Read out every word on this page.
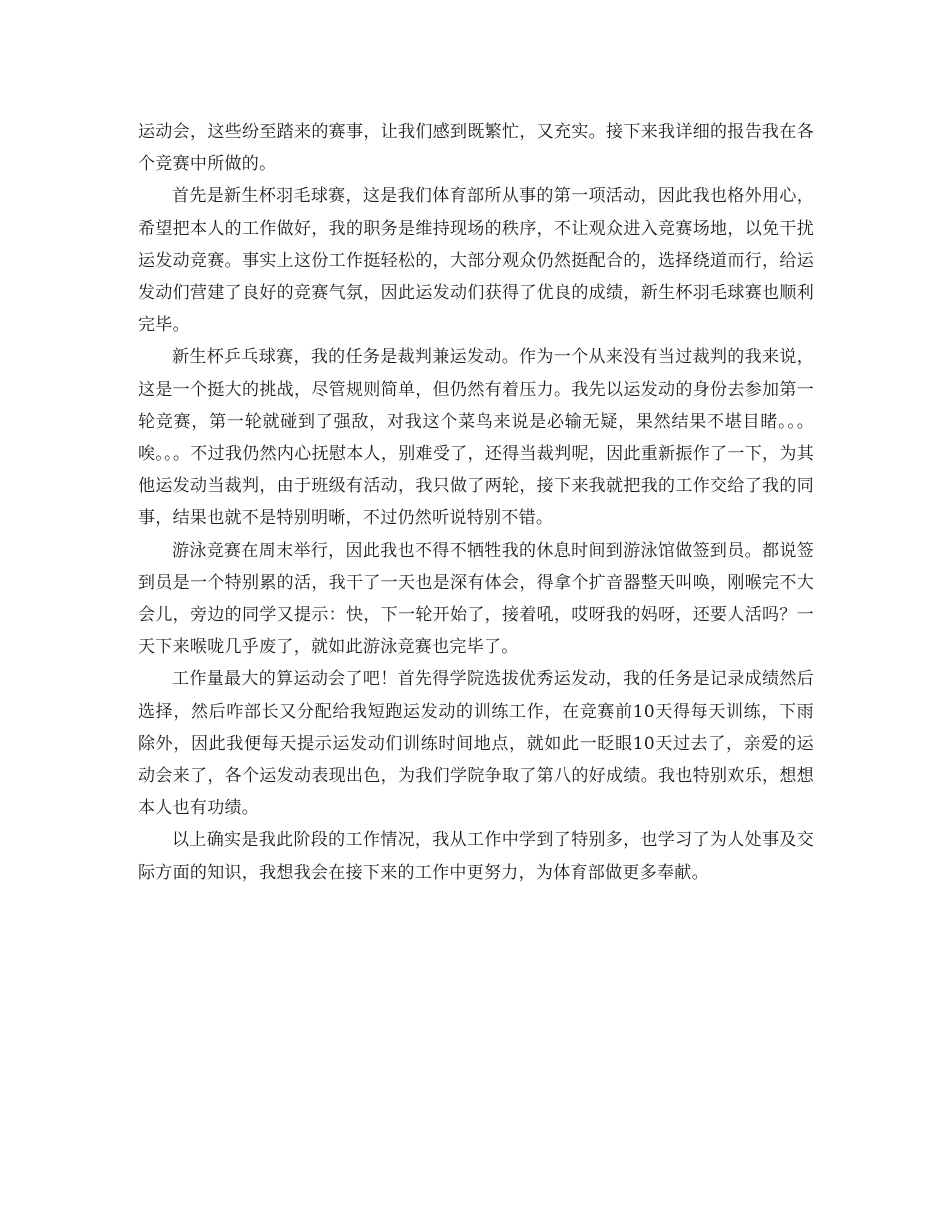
运动会，这些纷至踏来的赛事，让我们感到既繁忙，又充实。接下来我详细的报告我在各个竞赛中所做的。

首先是新生杯羽毛球赛，这是我们体育部所从事的第一项活动，因此我也格外用心，希望把本人的工作做好，我的职务是维持现场的秩序，不让观众进入竞赛场地，以免干扰运发动竞赛。事实上这份工作挺轻松的，大部分观众仍然挺配合的，选择绕道而行，给运发动们营建了良好的竞赛气氛，因此运发动们获得了优良的成绩，新生杯羽毛球赛也顺利完毕。

新生杯乒乓球赛，我的任务是裁判兼运发动。作为一个从来没有当过裁判的我来说，这是一个挺大的挑战，尽管规则简单，但仍然有着压力。我先以运发动的身份去参加第一轮竞赛，第一轮就碰到了强敌，对我这个菜鸟来说是必输无疑，果然结果不堪目睹。。。唉。。。不过我仍然内心抚慰本人，别难受了，还得当裁判呢，因此重新振作了一下，为其他运发动当裁判，由于班级有活动，我只做了两轮，接下来我就把我的工作交给了我的同事，结果也就不是特别明晰，不过仍然听说特别不错。

游泳竞赛在周末举行，因此我也不得不牺牲我的休息时间到游泳馆做签到员。都说签到员是一个特别累的活，我干了一天也是深有体会，得拿个扩音器整天叫唤，刚喉完不大会儿，旁边的同学又提示：快，下一轮开始了，接着吼，哎呀我的妈呀，还要人活吗？一天下来喉咙几乎废了，就如此游泳竞赛也完毕了。

工作量最大的算运动会了吧！首先得学院选拔优秀运发动，我的任务是记录成绩然后选择，然后咋部长又分配给我短跑运发动的训练工作，在竞赛前10天得每天训练，下雨除外，因此我便每天提示运发动们训练时间地点，就如此一眨眼10天过去了，亲爱的运动会来了，各个运发动表现出色，为我们学院争取了第八的好成绩。我也特别欢乐，想想本人也有功绩。

以上确实是我此阶段的工作情况，我从工作中学到了特别多，也学习了为人处事及交际方面的知识，我想我会在接下来的工作中更努力，为体育部做更多奉献。
